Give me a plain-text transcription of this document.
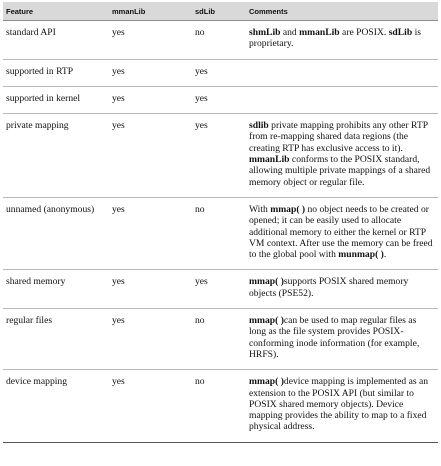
Feature	mmanLib	sdLib	Comments
standard API	yes	no	shmLib and mmanLib are POSIX. sdLib is proprietary.
supported in RTP	yes	yes	
supported in kernel	yes	yes	
private mapping	yes	yes	sdlib private mapping prohibits any other RTP from re-mapping shared data regions (the creating RTP has exclusive access to it). mmanLib conforms to the POSIX standard, allowing multiple private mappings of a shared memory object or regular file.
unnamed (anonymous)	yes	no	With mmap( ) no object needs to be created or opened; it can be easily used to allocate additional memory to either the kernel or RTP VM context. After use the memory can be freed to the global pool with munmap( ).
shared memory	yes	yes	mmap( )supports POSIX shared memory objects (PSE52).
regular files	yes	no	mmap( )can be used to map regular files as long as the file system provides POSIX-conforming inode information (for example, HRFS).
device mapping	yes	no	mmap( )device mapping is implemented as an extension to the POSIX API (but similar to POSIX shared memory objects). Device mapping provides the ability to map to a fixed physical address.
